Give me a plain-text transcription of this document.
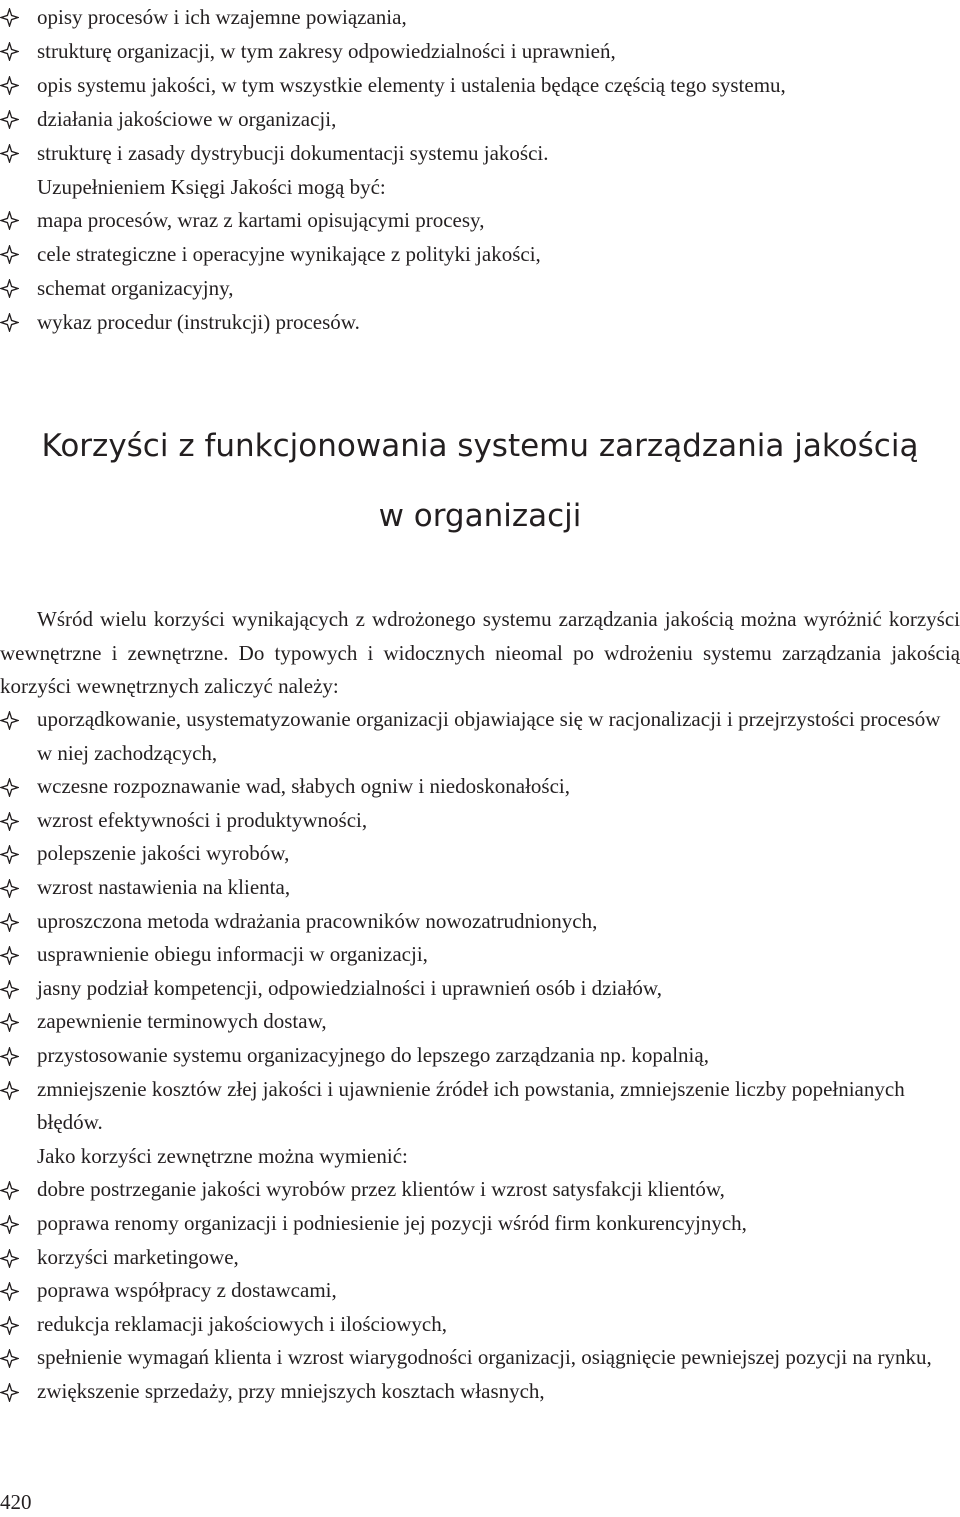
opisy procesów i ich wzajemne powiązania,
strukturę organizacji, w tym zakresy odpowiedzialności i uprawnień,
opis systemu jakości, w tym wszystkie elementy i ustalenia będące częścią tego systemu,
działania jakościowe w organizacji,
strukturę i zasady dystrybucji dokumentacji systemu jakości.
Uzupełnieniem Księgi Jakości mogą być:
mapa procesów, wraz z kartami opisującymi procesy,
cele strategiczne i operacyjne wynikające z polityki jakości,
schemat organizacyjny,
wykaz procedur (instrukcji) procesów.
Korzyści z funkcjonowania systemu zarządzania jakością
w organizacji

Wśród wielu korzyści wynikających z wdrożonego systemu zarządzania jakością można wyróżnić korzyści wewnętrzne i zewnętrzne. Do typowych i widocznych nieomal po wdrożeniu systemu zarządzania jakością korzyści wewnętrznych zaliczyć należy:

uporządkowanie, usystematyzowanie organizacji objawiające się w racjonalizacji i przejrzystości procesów w niej zachodzących,
wczesne rozpoznawanie wad, słabych ogniw i niedoskonałości,
wzrost efektywności i produktywności,
polepszenie jakości wyrobów,
wzrost nastawienia na klienta,
uproszczona metoda wdrażania pracowników nowozatrudnionych,
usprawnienie obiegu informacji w organizacji,
jasny podział kompetencji, odpowiedzialności i uprawnień osób i działów,
zapewnienie terminowych dostaw,
przystosowanie systemu organizacyjnego do lepszego zarządzania np. kopalnią,
zmniejszenie kosztów złej jakości i ujawnienie źródeł ich powstania, zmniejszenie liczby popełnianych błędów.
Jako korzyści zewnętrzne można wymienić:
dobre postrzeganie jakości wyrobów przez klientów i wzrost satysfakcji klientów,
poprawa renomy organizacji i podniesienie jej pozycji wśród firm konkurencyjnych,
korzyści marketingowe,
poprawa współpracy z dostawcami,
redukcja reklamacji jakościowych i ilościowych,
spełnienie wymagań klienta i wzrost wiarygodności organizacji, osiągnięcie pewniejszej pozycji na rynku,
zwiększenie sprzedaży, przy mniejszych kosztach własnych,

420
